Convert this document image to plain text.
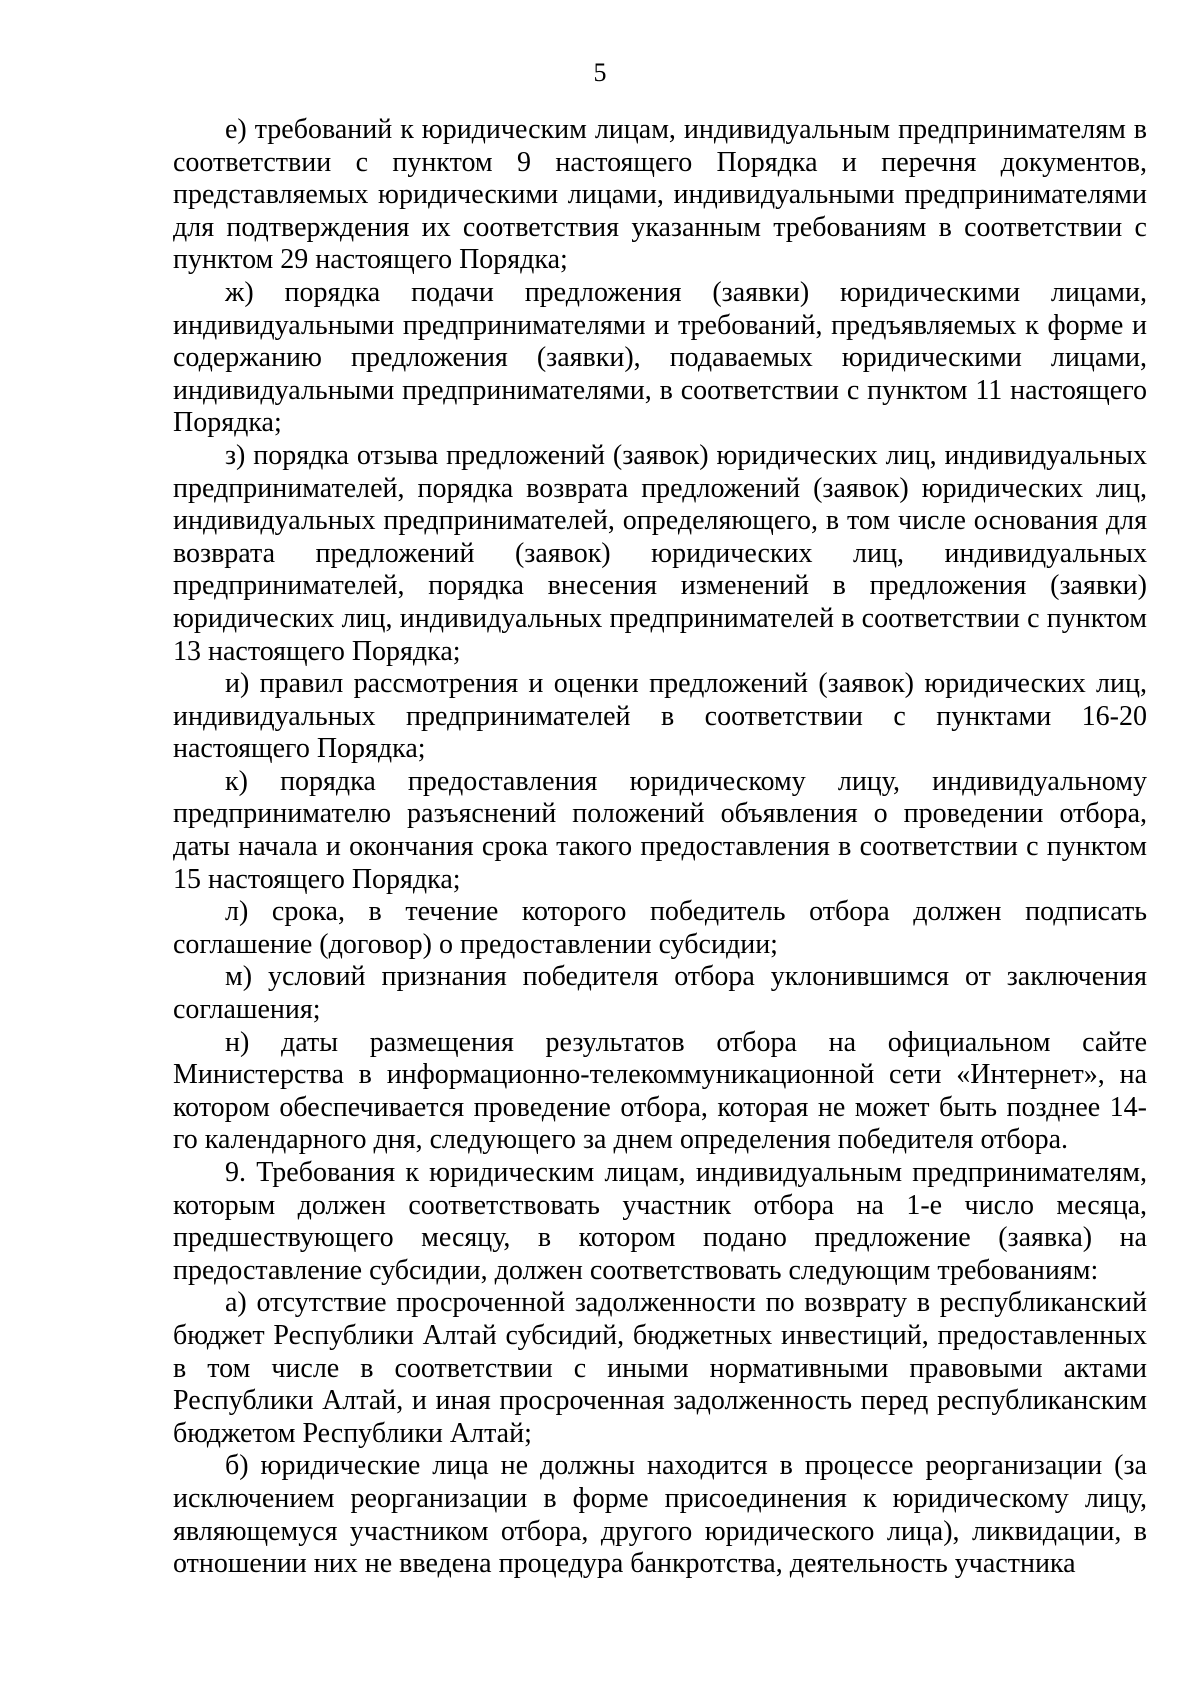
5

е) требований к юридическим лицам, индивидуальным предпринимателям в соответствии с пунктом 9 настоящего Порядка и перечня документов, представляемых юридическими лицами, индивидуальными предпринимателями для подтверждения их соответствия указанным требованиям в соответствии с пунктом 29 настоящего Порядка;

ж) порядка подачи предложения (заявки) юридическими лицами, индивидуальными предпринимателями и требований, предъявляемых к форме и содержанию предложения (заявки), подаваемых юридическими лицами, индивидуальными предпринимателями, в соответствии с пунктом 11 настоящего Порядка;

з) порядка отзыва предложений (заявок) юридических лиц, индивидуальных предпринимателей, порядка возврата предложений (заявок) юридических лиц, индивидуальных предпринимателей, определяющего, в том числе основания для возврата предложений (заявок) юридических лиц, индивидуальных предпринимателей, порядка внесения изменений в предложения (заявки) юридических лиц, индивидуальных предпринимателей в соответствии с пунктом 13 настоящего Порядка;

и) правил рассмотрения и оценки предложений (заявок) юридических лиц, индивидуальных предпринимателей в соответствии с пунктами 16-20 настоящего Порядка;

к) порядка предоставления юридическому лицу, индивидуальному предпринимателю разъяснений положений объявления о проведении отбора, даты начала и окончания срока такого предоставления в соответствии с пунктом 15 настоящего Порядка;

л) срока, в течение которого победитель отбора должен подписать соглашение (договор) о предоставлении субсидии;

м) условий признания победителя отбора уклонившимся от заключения соглашения;

н) даты размещения результатов отбора на официальном сайте Министерства в информационно-телекоммуникационной сети «Интернет», на котором обеспечивается проведение отбора, которая не может быть позднее 14-го календарного дня, следующего за днем определения победителя отбора.

9. Требования к юридическим лицам, индивидуальным предпринимателям, которым должен соответствовать участник отбора на 1-е число месяца, предшествующего месяцу, в котором подано предложение (заявка) на предоставление субсидии, должен соответствовать следующим требованиям:

а) отсутствие просроченной задолженности по возврату в республиканский бюджет Республики Алтай субсидий, бюджетных инвестиций, предоставленных в том числе в соответствии с иными нормативными правовыми актами Республики Алтай, и иная просроченная задолженность перед республиканским бюджетом Республики Алтай;

б) юридические лица не должны находится в процессе реорганизации (за исключением реорганизации в форме присоединения к юридическому лицу, являющемуся участником отбора, другого юридического лица), ликвидации, в отношении них не введена процедура банкротства, деятельность участника
